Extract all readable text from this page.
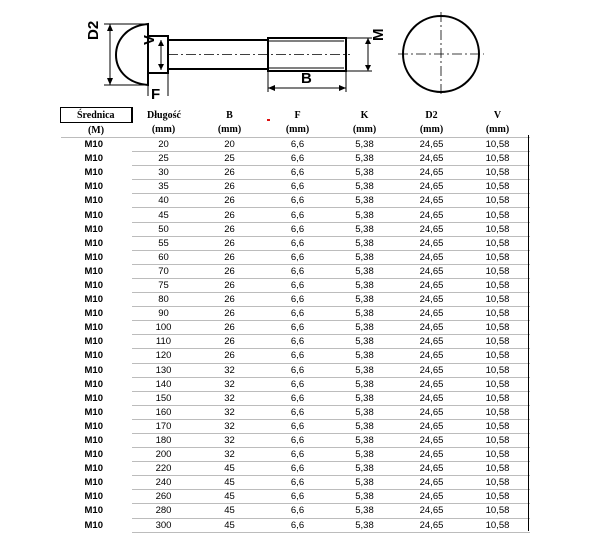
D2	V	M
B
F
Średnica	Długość	B	F	K	D2	V
(M)	(mm)	(mm)	(mm)	(mm)	(mm)	(mm)
M10	20	20	6,6	5,38	24,65	10,58
M10	25	25	6,6	5,38	24,65	10,58
M10	30	26	6,6	5,38	24,65	10,58
M10	35	26	6,6	5,38	24,65	10,58
M10	40	26	6,6	5,38	24,65	10,58
M10	45	26	6,6	5,38	24,65	10,58
M10	50	26	6,6	5,38	24,65	10,58
M10	55	26	6,6	5,38	24,65	10,58
M10	60	26	6,6	5,38	24,65	10,58
M10	70	26	6,6	5,38	24,65	10,58
M10	75	26	6,6	5,38	24,65	10,58
M10	80	26	6,6	5,38	24,65	10,58
M10	90	26	6,6	5,38	24,65	10,58
M10	100	26	6,6	5,38	24,65	10,58
M10	110	26	6,6	5,38	24,65	10,58
M10	120	26	6,6	5,38	24,65	10,58
M10	130	32	6,6	5,38	24,65	10,58
M10	140	32	6,6	5,38	24,65	10,58
M10	150	32	6,6	5,38	24,65	10,58
M10	160	32	6,6	5,38	24,65	10,58
M10	170	32	6,6	5,38	24,65	10,58
M10	180	32	6,6	5,38	24,65	10,58
M10	200	32	6,6	5,38	24,65	10,58
M10	220	45	6,6	5,38	24,65	10,58
M10	240	45	6,6	5,38	24,65	10,58
M10	260	45	6,6	5,38	24,65	10,58
M10	280	45	6,6	5,38	24,65	10,58
M10	300	45	6,6	5,38	24,65	10,58
